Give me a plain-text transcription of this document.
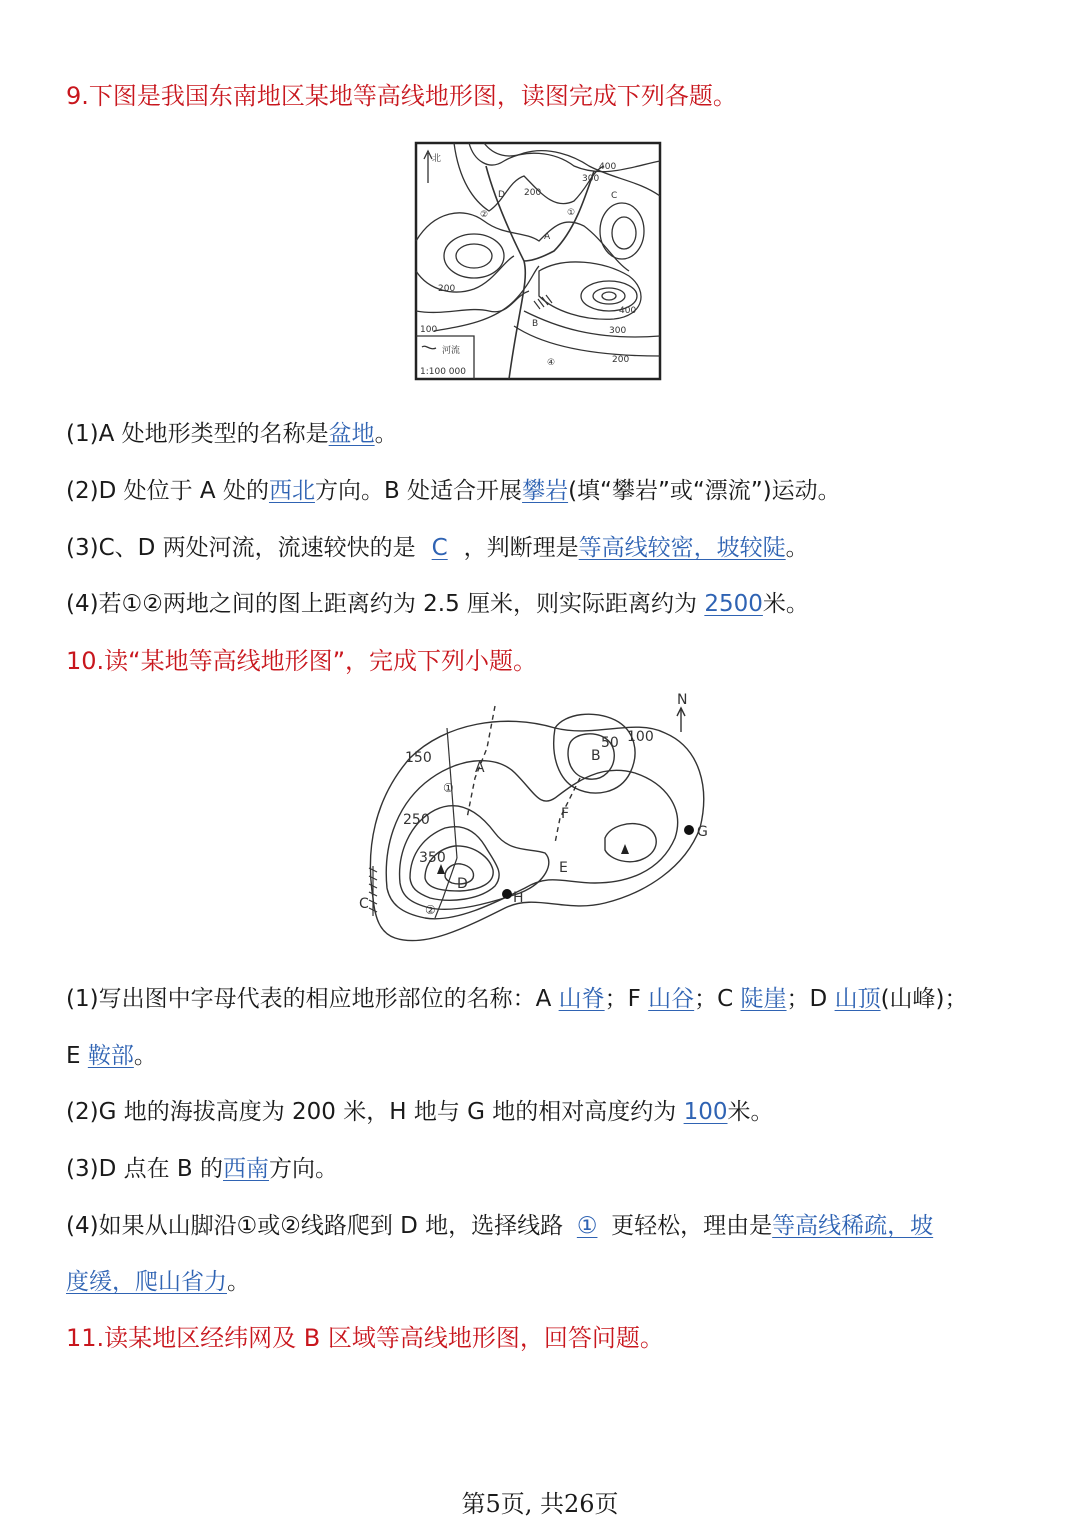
9.下图是我国东南地区某地等高线地形图，读图完成下列各题。
北
400
300
200	C
D
A
B
①
②
④
200
100
400
300
200
河流
1:100 000
(1)A 处地形类型的名称是盆地。
(2)D 处位于 A 处的西北方向。B 处适合开展攀岩(填“攀岩”或“漂流”)运动。
(3)C、D 两处河流，流速较快的是 C ，判断理是等高线较密，坡较陡。
(4)若①②两地之间的图上距离约为 2.5 厘米，则实际距离约为 2500米。
10.读“某地等高线地形图”，完成下列小题。
N
150
250
350
50 100
A
B
C
D
E
F
G
H
①
②
(1)写出图中字母代表的相应地形部位的名称：A 山脊；F 山谷；C 陡崖；D 山顶(山峰)；
E 鞍部。
(2)G 地的海拔高度为 200 米，H 地与 G 地的相对高度约为 100米。
(3)D 点在 B 的西南方向。
(4)如果从山脚沿①或②线路爬到 D 地，选择线路 ① 更轻松，理由是等高线稀疏，坡
度缓，爬山省力。
11.读某地区经纬网及 B 区域等高线地形图，回答问题。
第5页, 共26页
